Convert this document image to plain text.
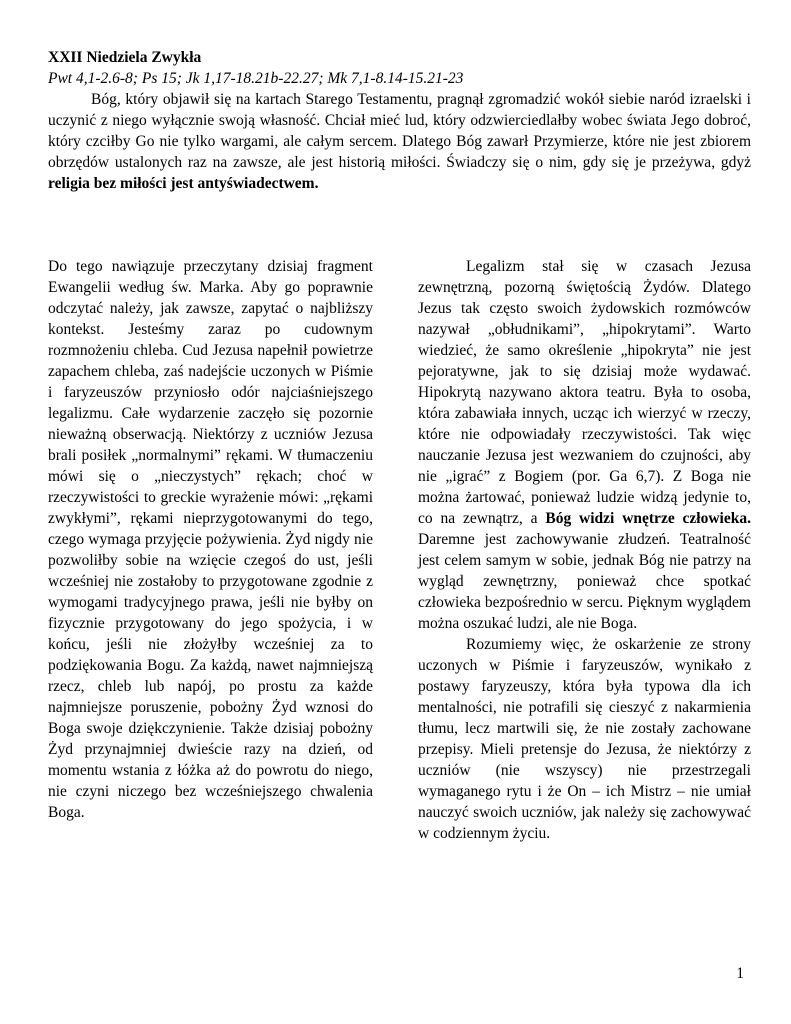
XXII Niedziela Zwykła

Pwt 4,1-2.6-8; Ps 15; Jk 1,17-18.21b-22.27; Mk 7,1-8.14-15.21-23

Bóg, który objawił się na kartach Starego Testamentu, pragnął zgromadzić wokół siebie naród izraelski i uczynić z niego wyłącznie swoją własność. Chciał mieć lud, który odzwierciedlałby wobec świata Jego dobroć, który czciłby Go nie tylko wargami, ale całym sercem. Dlatego Bóg zawarł Przymierze, które nie jest zbiorem obrzędów ustalonych raz na zawsze, ale jest historią miłości. Świadczy się o nim, gdy się je przeżywa, gdyż religia bez miłości jest antyświadectwem.

Do tego nawiązuje przeczytany dzisiaj fragment Ewangelii według św. Marka. Aby go poprawnie odczytać należy, jak zawsze, zapytać o najbliższy kontekst. Jesteśmy zaraz po cudownym rozmnożeniu chleba. Cud Jezusa napełnił powietrze zapachem chleba, zaś nadejście uczonych w Piśmie i faryzeuszów przyniosło odór najciaśniejszego legalizmu. Całe wydarzenie zaczęło się pozornie nieważną obserwacją. Niektórzy z uczniów Jezusa brali posiłek „normalnymi” rękami. W tłumaczeniu mówi się o „nieczystych” rękach; choć w rzeczywistości to greckie wyrażenie mówi: „rękami zwykłymi”, rękami nieprzygotowanymi do tego, czego wymaga przyjęcie pożywienia. Żyd nigdy nie pozwoliłby sobie na wzięcie czegoś do ust, jeśli wcześniej nie zostałoby to przygotowane zgodnie z wymogami tradycyjnego prawa, jeśli nie byłby on fizycznie przygotowany do jego spożycia, i w końcu, jeśli nie złożyłby wcześniej za to podziękowania Bogu. Za każdą, nawet najmniejszą rzecz, chleb lub napój, po prostu za każde najmniejsze poruszenie, pobożny Żyd wznosi do Boga swoje dziękczynienie. Także dzisiaj pobożny Żyd przynajmniej dwieście razy na dzień, od momentu wstania z łóżka aż do powrotu do niego, nie czyni niczego bez wcześniejszego chwalenia Boga.

Legalizm stał się w czasach Jezusa zewnętrzną, pozorną świętością Żydów. Dlatego Jezus tak często swoich żydowskich rozmówców nazywał „obłudnikami”, „hipokrytami”. Warto wiedzieć, że samo określenie „hipokryta” nie jest pejoratywne, jak to się dzisiaj może wydawać. Hipokrytą nazywano aktora teatru. Była to osoba, która zabawiała innych, ucząc ich wierzyć w rzeczy, które nie odpowiadały rzeczywistości. Tak więc nauczanie Jezusa jest wezwaniem do czujności, aby nie „igrać” z Bogiem (por. Ga 6,7). Z Boga nie można żartować, ponieważ ludzie widzą jedynie to, co na zewnątrz, a Bóg widzi wnętrze człowieka. Daremne jest zachowywanie złudzeń. Teatralność jest celem samym w sobie, jednak Bóg nie patrzy na wygląd zewnętrzny, ponieważ chce spotkać człowieka bezpośrednio w sercu. Pięknym wyglądem można oszukać ludzi, ale nie Boga.

Rozumiemy więc, że oskarżenie ze strony uczonych w Piśmie i faryzeuszów, wynikało z postawy faryzeuszy, która była typowa dla ich mentalności, nie potrafili się cieszyć z nakarmienia tłumu, lecz martwili się, że nie zostały zachowane przepisy. Mieli pretensje do Jezusa, że niektórzy z uczniów (nie wszyscy) nie przestrzegali wymaganego rytu i że On – ich Mistrz – nie umiał nauczyć swoich uczniów, jak należy się zachowywać w codziennym życiu.

1
